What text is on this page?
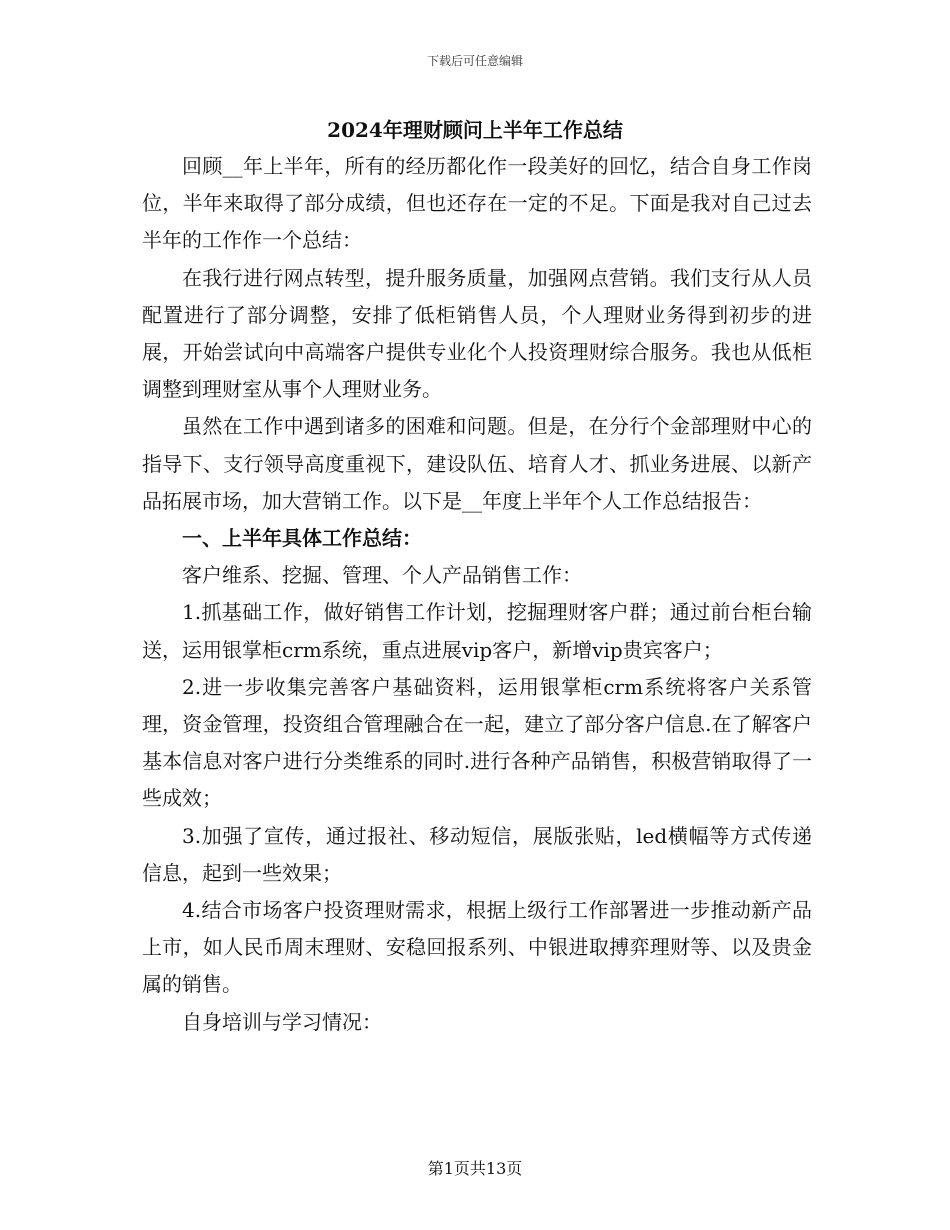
下载后可任意编辑
2024年理财顾问上半年工作总结

回顾__年上半年，所有的经历都化作一段美好的回忆，结合自身工作岗位，半年来取得了部分成绩，但也还存在一定的不足。下面是我对自己过去半年的工作作一个总结：

在我行进行网点转型，提升服务质量，加强网点营销。我们支行从人员配置进行了部分调整，安排了低柜销售人员，个人理财业务得到初步的进展，开始尝试向中高端客户提供专业化个人投资理财综合服务。我也从低柜调整到理财室从事个人理财业务。

虽然在工作中遇到诸多的困难和问题。但是，在分行个金部理财中心的指导下、支行领导高度重视下，建设队伍、培育人才、抓业务进展、以新产品拓展市场，加大营销工作。以下是__年度上半年个人工作总结报告：

一、上半年具体工作总结：

客户维系、挖掘、管理、个人产品销售工作：

1.抓基础工作，做好销售工作计划，挖掘理财客户群；通过前台柜台输送，运用银掌柜crm系统，重点进展vip客户，新增vip贵宾客户；

2.进一步收集完善客户基础资料，运用银掌柜crm系统将客户关系管理，资金管理，投资组合管理融合在一起，建立了部分客户信息.在了解客户基本信息对客户进行分类维系的同时.进行各种产品销售，积极营销取得了一些成效；

3.加强了宣传，通过报社、移动短信，展版张贴，led横幅等方式传递信息，起到一些效果；

4.结合市场客户投资理财需求，根据上级行工作部署进一步推动新产品上市，如人民币周末理财、安稳回报系列、中银进取搏弈理财等、以及贵金属的销售。

自身培训与学习情况：

第1页共13页
